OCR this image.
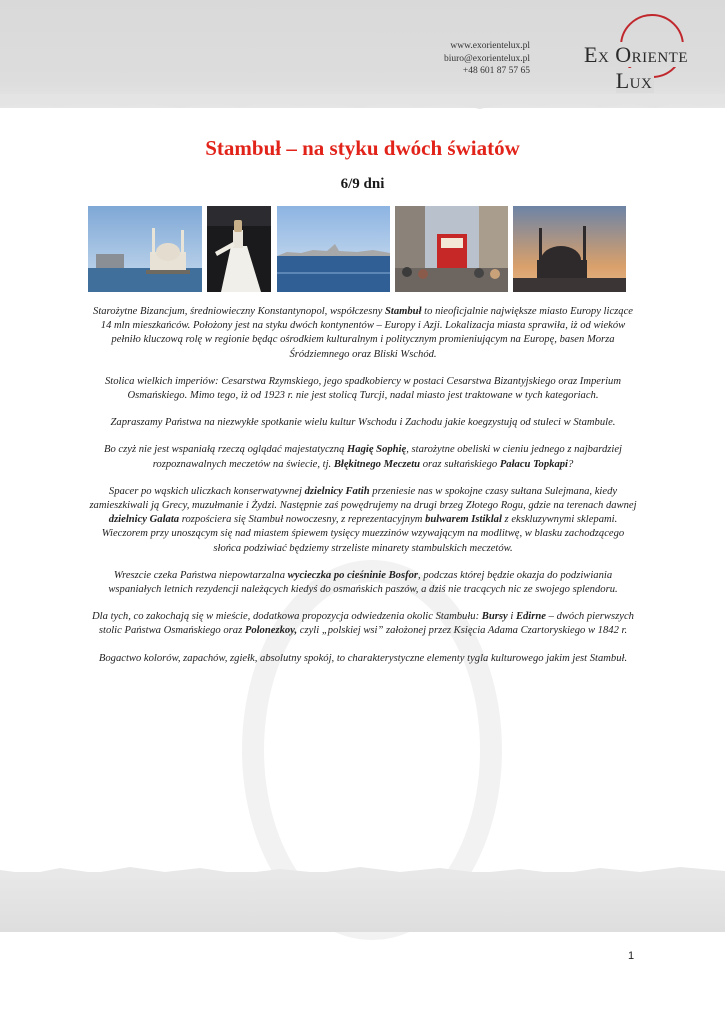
www.exorientelux.pl
biuro@exorientelux.pl
+48 601 87 57 65
Ex Oriente Lux
Stambuł – na styku dwóch światów
6/9 dni

Starożytne Bizancjum, średniowieczny Konstantynopol, współczesny Stambuł to nieoficjalnie największe miasto Europy liczące 14 mln mieszkańców. Położony jest na styku dwóch kontynentów – Europy i Azji. Lokalizacja miasta sprawiła, iż od wieków pełniło kluczową rolę w regionie będąc ośrodkiem kulturalnym i politycznym promieniującym na Europę, basen Morza Śródziemnego oraz Bliski Wschód.

Stolica wielkich imperiów: Cesarstwa Rzymskiego, jego spadkobiercy w postaci Cesarstwa Bizantyjskiego oraz Imperium Osmańskiego. Mimo tego, iż od 1923 r. nie jest stolicą Turcji, nadal miasto jest traktowane w tych kategoriach.

Zapraszamy Państwa na niezwykłe spotkanie wielu kultur Wschodu i Zachodu jakie koegzystują od stuleci w Stambule.

Bo czyż nie jest wspaniałą rzeczą oglądać majestatyczną Hagię Sophię, starożytne obeliski w cieniu jednego z najbardziej rozpoznawalnych meczetów na świecie, tj. Błękitnego Meczetu oraz sułtańskiego Pałacu Topkapi?

Spacer po wąskich uliczkach konserwatywnej dzielnicy Fatih przeniesie nas w spokojne czasy sułtana Sulejmana, kiedy zamieszkiwali ją Grecy, muzułmanie i Żydzi. Następnie zaś powędrujemy na drugi brzeg Złotego Rogu, gdzie na terenach dawnej dzielnicy Galata rozpościera się Stambuł nowoczesny, z reprezentacyjnym bulwarem Istiklal z ekskluzywnymi sklepami. Wieczorem przy unoszącym się nad miastem śpiewem tysięcy muezzinów wzywającym na modlitwę, w blasku zachodzącego słońca podziwiać będziemy strzeliste minarety stambulskich meczetów.

Wreszcie czeka Państwa niepowtarzalna wycieczka po cieśninie Bosfor, podczas której będzie okazja do podziwiania wspaniałych letnich rezydencji należących kiedyś do osmańskich paszów, a dziś nie tracących nic ze swojego splendoru.

Dla tych, co zakochają się w mieście, dodatkowa propozycja odwiedzenia okolic Stambułu: Bursy i Edirne – dwóch pierwszych stolic Państwa Osmańskiego oraz Polonezkoy, czyli „polskiej wsi” założonej przez Księcia Adama Czartoryskiego w 1842 r.

Bogactwo kolorów, zapachów, zgiełk, absolutny spokój, to charakterystyczne elementy tygla kulturowego jakim jest Stambuł.

1
